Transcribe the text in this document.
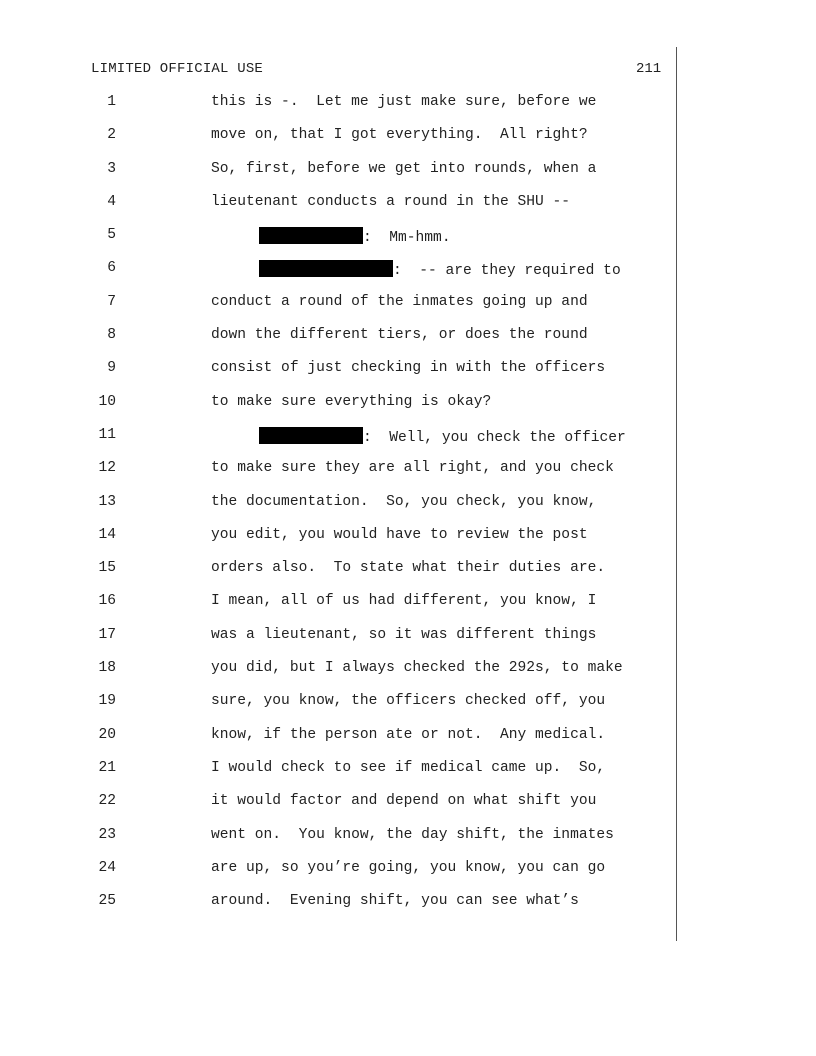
LIMITED OFFICIAL USE	211

1

	this is -.  Let me just make sure, before we

2

	move on, that I got everything.  All right?

3

	So, first, before we get into rounds, when a

4

	lieutenant conducts a round in the SHU --

5

	:  Mm-hmm.

6

	:  -- are they required to

7

	conduct a round of the inmates going up and

8

	down the different tiers, or does the round

9

	consist of just checking in with the officers

10

	to make sure everything is okay?

11

	:  Well, you check the officer

12

	to make sure they are all right, and you check

13

	the documentation.  So, you check, you know,

14

	you edit, you would have to review the post

15

	orders also.  To state what their duties are.

16

	I mean, all of us had different, you know, I

17

	was a lieutenant, so it was different things

18

	you did, but I always checked the 292s, to make

19

	sure, you know, the officers checked off, you

20

	know, if the person ate or not.  Any medical.

21

	I would check to see if medical came up.  So,

22

	it would factor and depend on what shift you

23

	went on.  You know, the day shift, the inmates

24

	are up, so you’re going, you know, you can go

25

	around.  Evening shift, you can see what’s
